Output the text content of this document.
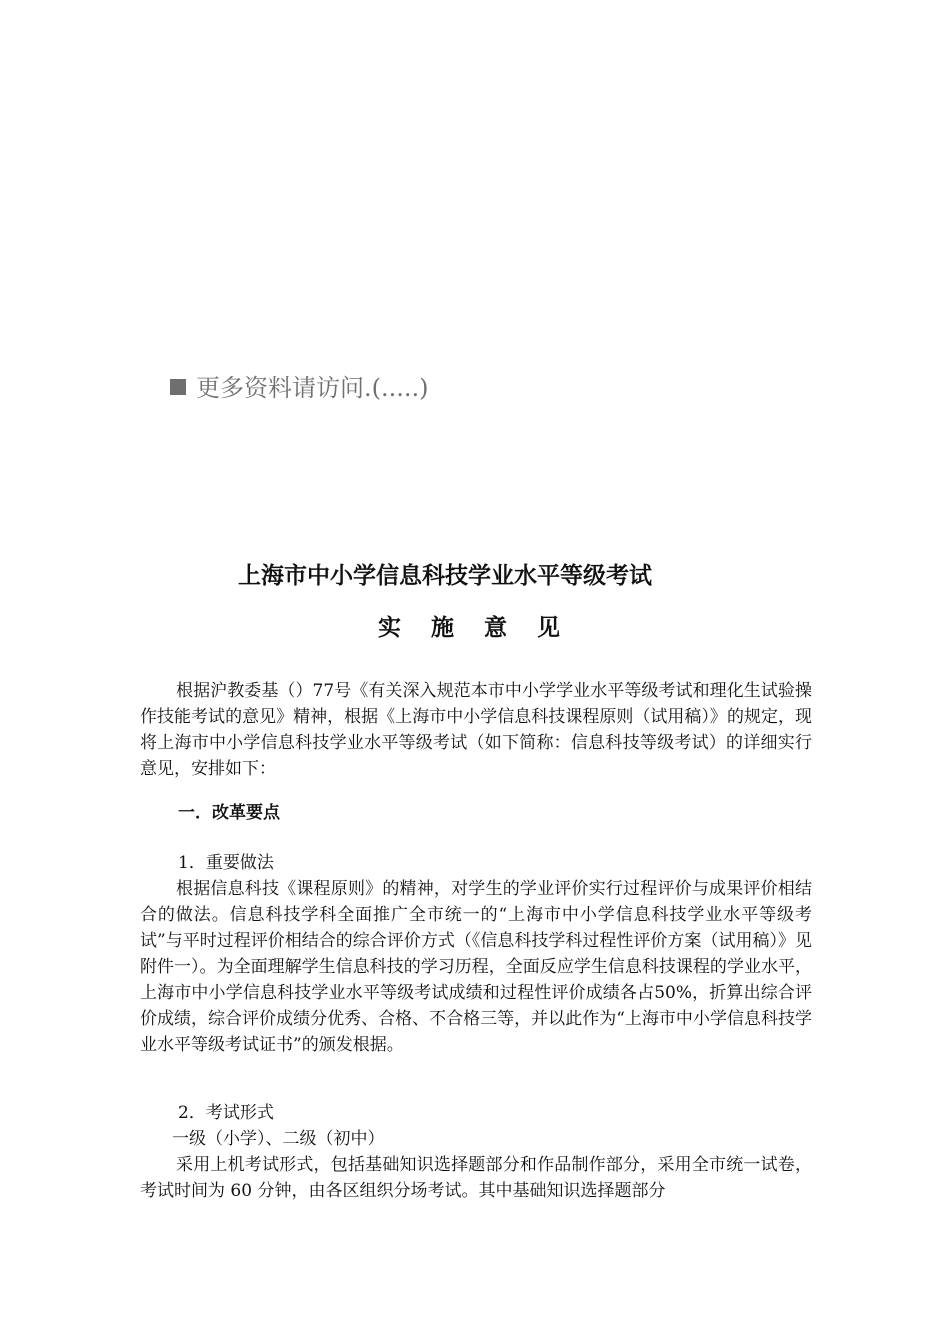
更多资料请访问.(.....)
上海市中小学信息科技学业水平等级考试
实 施 意 见

根据沪教委基（）77号《有关深入规范本市中小学学业水平等级考试和理化生试验操作技能考试的意见》精神，根据《上海市中小学信息科技课程原则（试用稿）》的规定，现将上海市中小学信息科技学业水平等级考试（如下简称：信息科技等级考试）的详细实行意见，安排如下：

一．改革要点
1．重要做法

根据信息科技《课程原则》的精神，对学生的学业评价实行过程评价与成果评价相结合的做法。信息科技学科全面推广全市统一的“上海市中小学信息科技学业水平等级考试”与平时过程评价相结合的综合评价方式（《信息科技学科过程性评价方案（试用稿）》见附件一）。为全面理解学生信息科技的学习历程，全面反应学生信息科技课程的学业水平，上海市中小学信息科技学业水平等级考试成绩和过程性评价成绩各占50%，折算出综合评价成绩，综合评价成绩分优秀、合格、不合格三等，并以此作为“上海市中小学信息科技学业水平等级考试证书”的颁发根据。

2．考试形式
一级（小学）、二级（初中）

采用上机考试形式，包括基础知识选择题部分和作品制作部分，采用全市统一试卷，考试时间为 60 分钟，由各区组织分场考试。其中基础知识选择题部分
